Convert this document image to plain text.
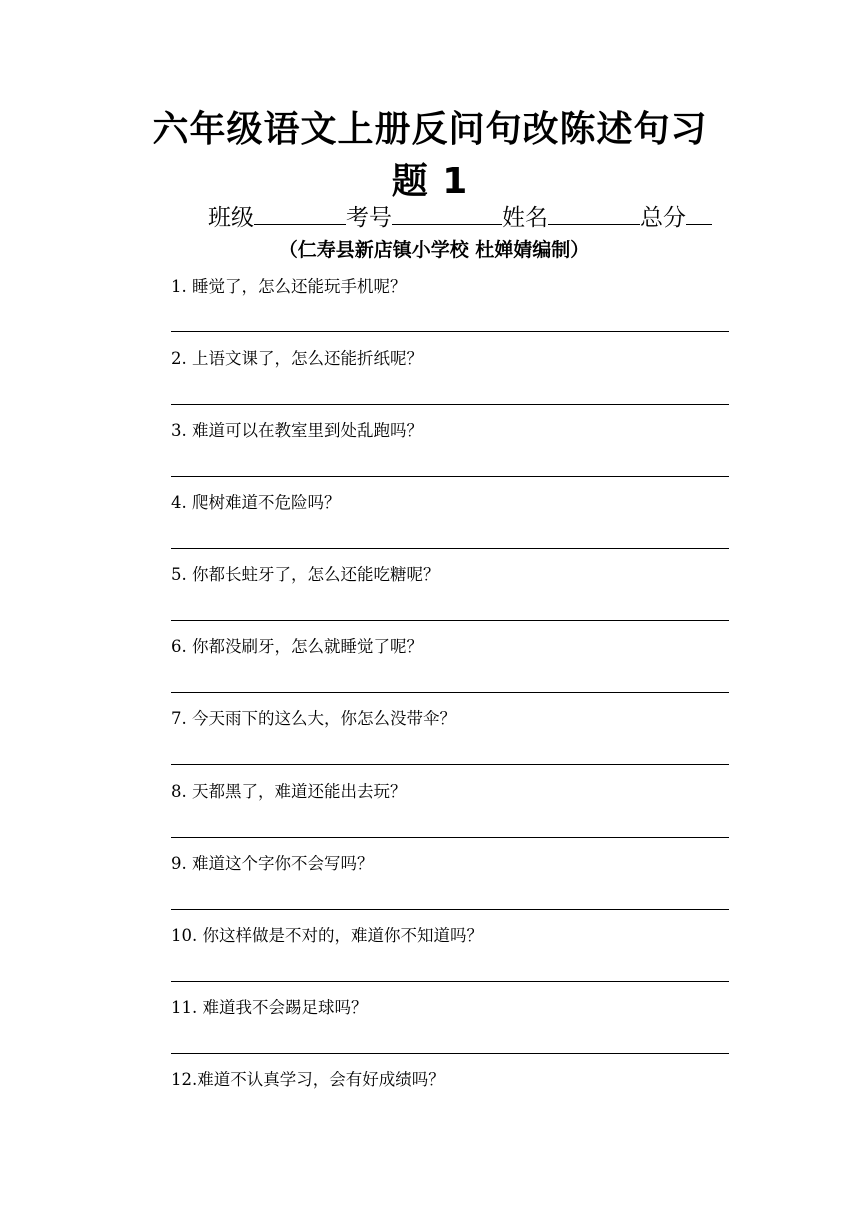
六年级语文上册反问句改陈述句习
题 1
班级	考号	姓名	总分
（仁寿县新店镇小学校 杜婵婧编制）
1. 睡觉了，怎么还能玩手机呢？
2. 上语文课了，怎么还能折纸呢？
3. 难道可以在教室里到处乱跑吗？
4. 爬树难道不危险吗？
5. 你都长蛀牙了，怎么还能吃糖呢？
6. 你都没刷牙，怎么就睡觉了呢？
7. 今天雨下的这么大，你怎么没带伞？
8. 天都黑了，难道还能出去玩？
9. 难道这个字你不会写吗？
10. 你这样做是不对的，难道你不知道吗？
11. 难道我不会踢足球吗？
12.难道不认真学习，会有好成绩吗？
